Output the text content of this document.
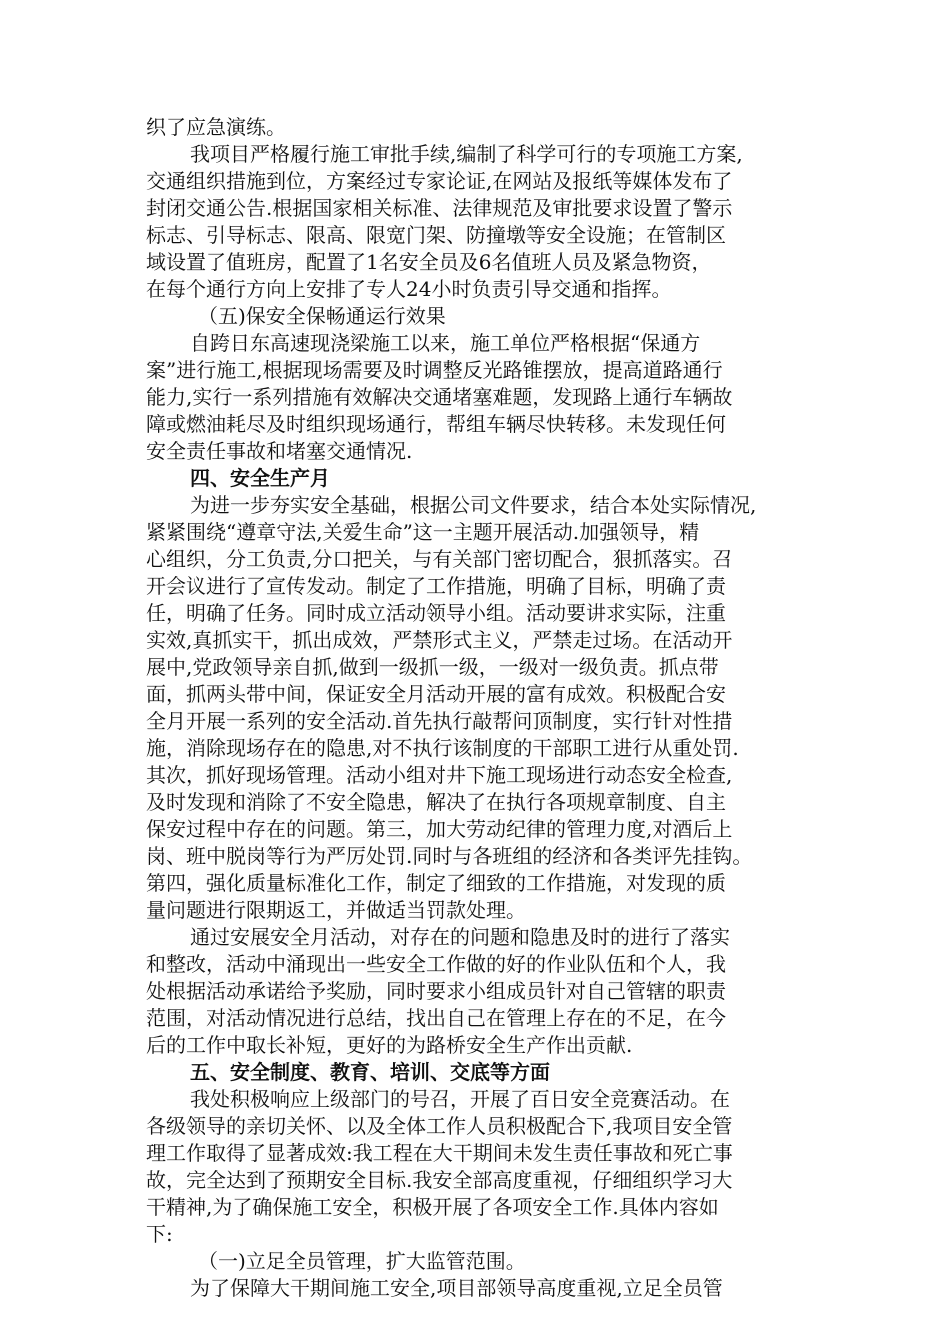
织了应急演练。
我项目严格履行施工审批手续,编制了科学可行的专项施工方案,
交通组织措施到位，方案经过专家论证,在网站及报纸等媒体发布了
封闭交通公告.根据国家相关标准、法律规范及审批要求设置了警示
标志、引导标志、限高、限宽门架、防撞墩等安全设施；在管制区
域设置了值班房，配置了1名安全员及6名值班人员及紧急物资，
在每个通行方向上安排了专人24小时负责引导交通和指挥。
（五)保安全保畅通运行效果
自跨日东高速现浇梁施工以来，施工单位严格根据“保通方
案”进行施工,根据现场需要及时调整反光路锥摆放，提高道路通行
能力,实行一系列措施有效解决交通堵塞难题，发现路上通行车辆故
障或燃油耗尽及时组织现场通行，帮组车辆尽快转移。未发现任何
安全责任事故和堵塞交通情况.
四、安全生产月
为进一步夯实安全基础，根据公司文件要求，结合本处实际情况,
紧紧围绕“遵章守法,关爱生命”这一主题开展活动.加强领导，精
心组织，分工负责,分口把关，与有关部门密切配合，狠抓落实。召
开会议进行了宣传发动。制定了工作措施，明确了目标，明确了责
任，明确了任务。同时成立活动领导小组。活动要讲求实际，注重
实效,真抓实干，抓出成效，严禁形式主义，严禁走过场。在活动开
展中,党政领导亲自抓,做到一级抓一级，一级对一级负责。抓点带
面，抓两头带中间，保证安全月活动开展的富有成效。积极配合安
全月开展一系列的安全活动.首先执行敲帮问顶制度，实行针对性措
施，消除现场存在的隐患,对不执行该制度的干部职工进行从重处罚.
其次，抓好现场管理。活动小组对井下施工现场进行动态安全检查,
及时发现和消除了不安全隐患，解决了在执行各项规章制度、自主
保安过程中存在的问题。第三，加大劳动纪律的管理力度,对酒后上
岗、班中脱岗等行为严厉处罚.同时与各班组的经济和各类评先挂钩。
第四，强化质量标准化工作，制定了细致的工作措施，对发现的质
量问题进行限期返工，并做适当罚款处理。
通过安展安全月活动，对存在的问题和隐患及时的进行了落实
和整改，活动中涌现出一些安全工作做的好的作业队伍和个人，我
处根据活动承诺给予奖励，同时要求小组成员针对自己管辖的职责
范围，对活动情况进行总结，找出自己在管理上存在的不足，在今
后的工作中取长补短，更好的为路桥安全生产作出贡献.
五、安全制度、教育、培训、交底等方面
我处积极响应上级部门的号召，开展了百日安全竞赛活动。在
各级领导的亲切关怀、以及全体工作人员积极配合下,我项目安全管
理工作取得了显著成效:我工程在大干期间未发生责任事故和死亡事
故，完全达到了预期安全目标.我安全部高度重视，仔细组织学习大
干精神,为了确保施工安全，积极开展了各项安全工作.具体内容如
下:
（一)立足全员管理，扩大监管范围。
为了保障大干期间施工安全,项目部领导高度重视,立足全员管
